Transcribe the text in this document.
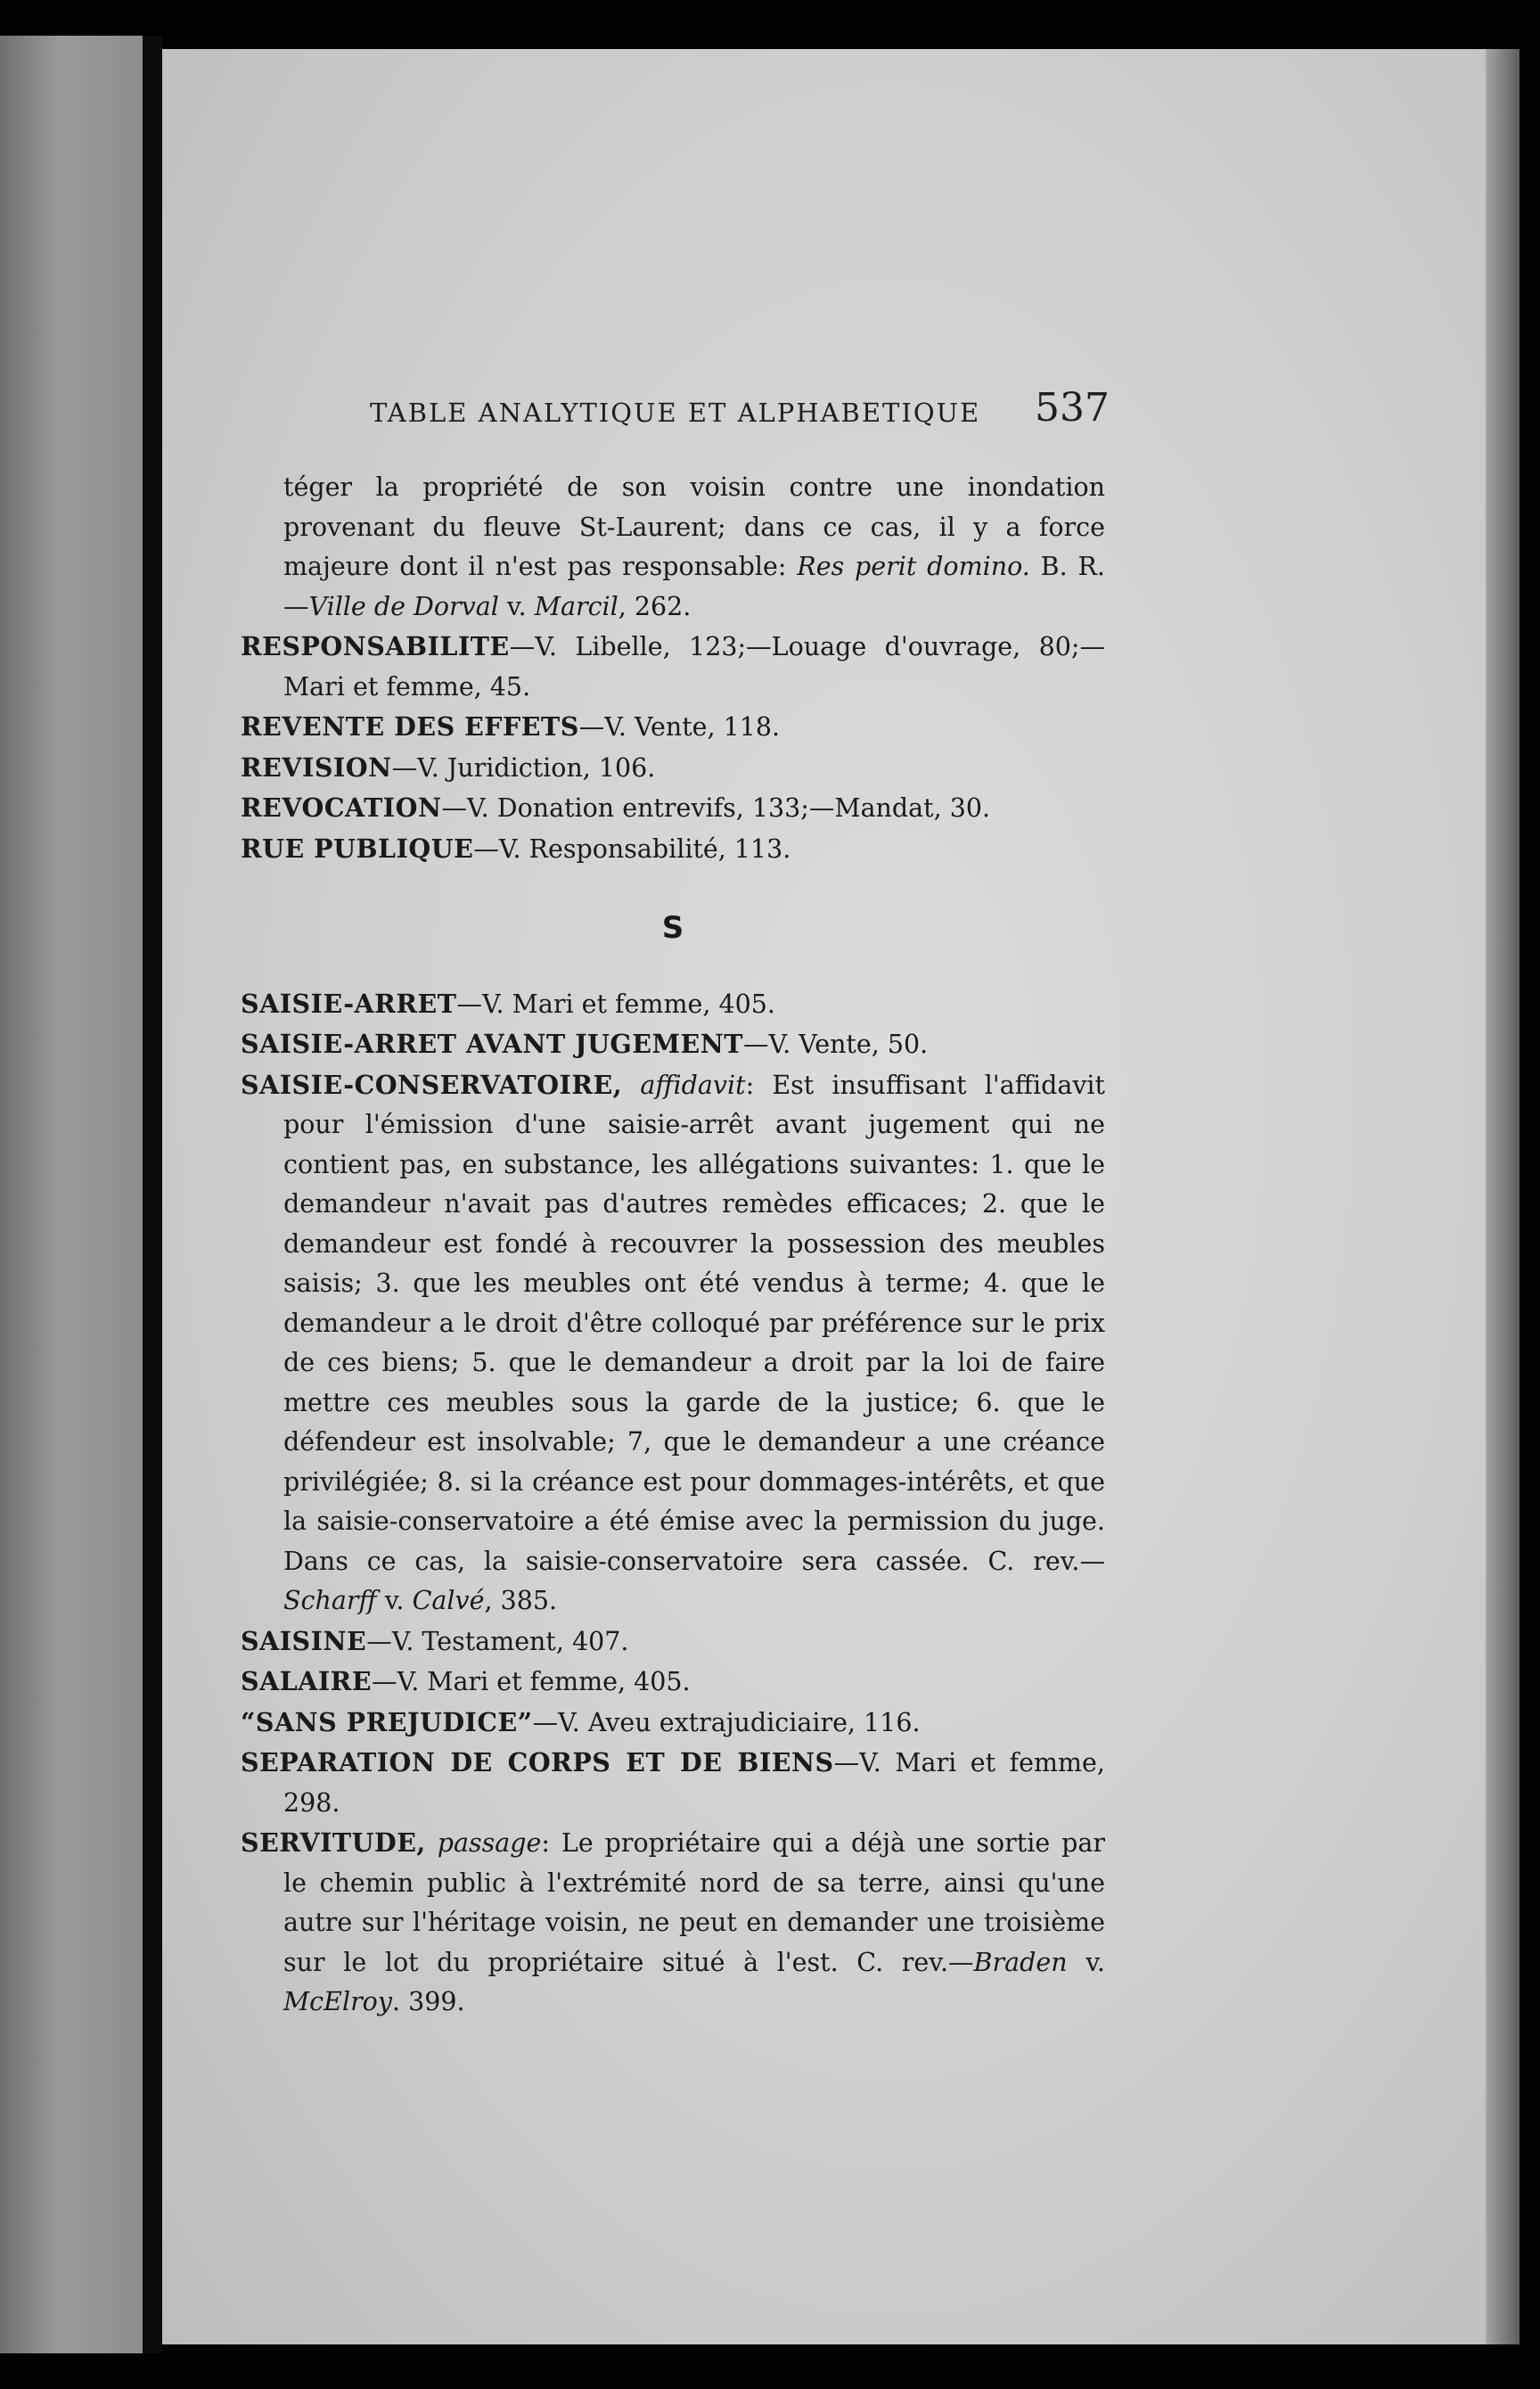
TABLE ANALYTIQUE ET ALPHABETIQUE 537
téger la propriété de son voisin contre une inondation provenant du fleuve St-Laurent; dans ce cas, il y a force majeure dont il n'est pas responsable: Res perit domino. B. R.—Ville de Dorval v. Marcil, 262.
RESPONSABILITE—V. Libelle, 123;—Louage d'ouvrage, 80;—Mari et femme, 45.
REVENTE DES EFFETS—V. Vente, 118.
REVISION—V. Juridiction, 106.
REVOCATION—V. Donation entrevifs, 133;—Mandat, 30.
RUE PUBLIQUE—V. Responsabilité, 113.
S
SAISIE-ARRET—V. Mari et femme, 405.
SAISIE-ARRET AVANT JUGEMENT—V. Vente, 50.
SAISIE-CONSERVATOIRE, affidavit: Est insuffisant l'affidavit pour l'émission d'une saisie-arrêt avant jugement qui ne contient pas, en substance, les allégations suivantes: 1. que le demandeur n'avait pas d'autres remèdes efficaces; 2. que le demandeur est fondé à recouvrer la possession des meubles saisis; 3. que les meubles ont été vendus à terme; 4. que le demandeur a le droit d'être colloqué par préférence sur le prix de ces biens; 5. que le demandeur a droit par la loi de faire mettre ces meubles sous la garde de la justice; 6. que le défendeur est insolvable; 7, que le demandeur a une créance privilégiée; 8. si la créance est pour dommages-intérêts, et que la saisie-conservatoire a été émise avec la permission du juge. Dans ce cas, la saisie-conservatoire sera cassée. C. rev.—Scharff v. Calvé, 385.
SAISINE—V. Testament, 407.
SALAIRE—V. Mari et femme, 405.
“SANS PREJUDICE”—V. Aveu extrajudiciaire, 116.
SEPARATION DE CORPS ET DE BIENS—V. Mari et femme, 298.
SERVITUDE, passage: Le propriétaire qui a déjà une sortie par le chemin public à l'extrémité nord de sa terre, ainsi qu'une autre sur l'héritage voisin, ne peut en demander une troisième sur le lot du propriétaire situé à l'est. C. rev.—Braden v. McElroy. 399.
